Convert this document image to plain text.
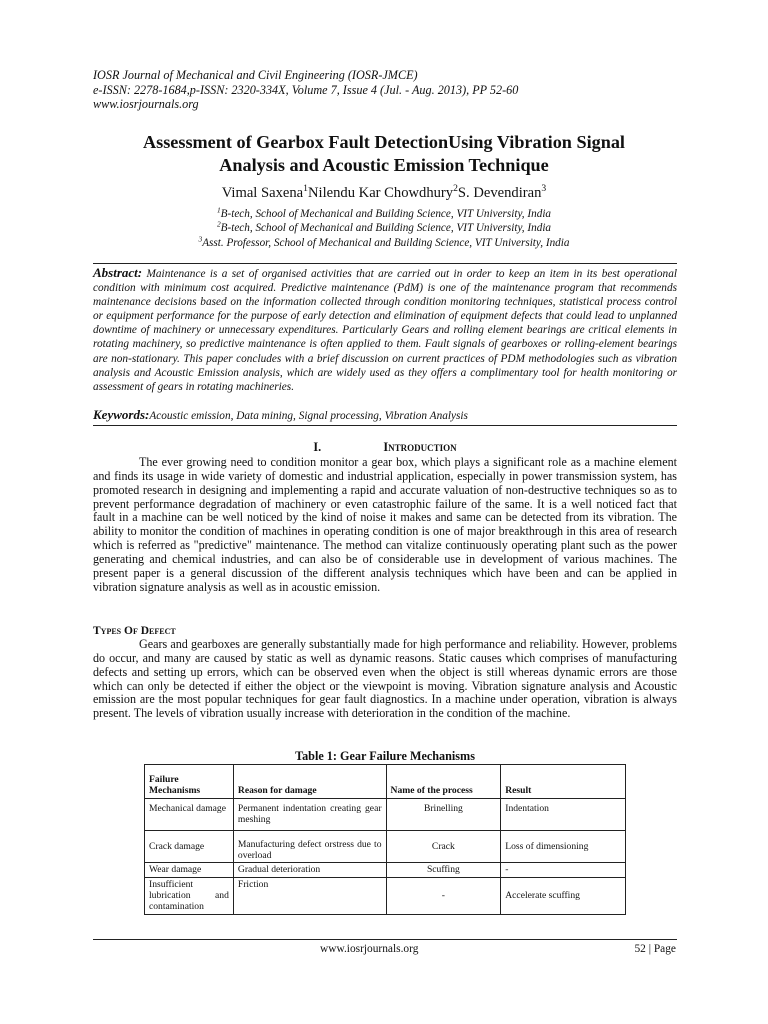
IOSR Journal of Mechanical and Civil Engineering (IOSR-JMCE)
e-ISSN: 2278-1684,p-ISSN: 2320-334X, Volume 7, Issue 4 (Jul. - Aug. 2013), PP 52-60
www.iosrjournals.org
Assessment of Gearbox Fault DetectionUsing Vibration Signal
Analysis and Acoustic Emission Technique
Vimal Saxena$^1$Nilendu Kar Chowdhury$^2$S. Devendiran$^3$
$^1$B-tech, School of Mechanical and Building Science, VIT University, India
$^2$B-tech, School of Mechanical and Building Science, VIT University, India
$^3$Asst. Professor, School of Mechanical and Building Science, VIT University, India
Abstract: Maintenance is a set of organised activities that are carried out in order to keep an item in its best operational condition with minimum cost acquired. Predictive maintenance (PdM) is one of the maintenance program that recommends maintenance decisions based on the information collected through condition monitoring techniques, statistical process control or equipment performance for the purpose of early detection and elimination of equipment defects that could lead to unplanned downtime of machinery or unnecessary expenditures. Particularly Gears and rolling element bearings are critical elements in rotating machinery, so predictive maintenance is often applied to them. Fault signals of gearboxes or rolling-element bearings are non-stationary. This paper concludes with a brief discussion on current practices of PDM methodologies such as vibration analysis and Acoustic Emission analysis, which are widely used as they offers a complimentary tool for health monitoring or assessment of gears in rotating machineries.
Keywords:Acoustic emission, Data mining, Signal processing, Vibration Analysis
I.	Introduction
The ever growing need to condition monitor a gear box, which plays a significant role as a machine element and finds its usage in wide variety of domestic and industrial application, especially in power transmission system, has promoted research in designing and implementing a rapid and accurate valuation of non-destructive techniques so as to prevent performance degradation of machinery or even catastrophic failure of the same. It is a well noticed fact that fault in a machine can be well noticed by the kind of noise it makes and same can be detected from its vibration. The ability to monitor the condition of machines in operating condition is one of major breakthrough in this area of research which is referred as "predictive" maintenance. The method can vitalize continuously operating plant such as the power generating and chemical industries, and can also be of considerable use in development of various machines. The present paper is a general discussion of the different analysis techniques which have been and can be applied in vibration signature analysis as well as in acoustic emission.
Types Of Defect
Gears and gearboxes are generally substantially made for high performance and reliability. However, problems do occur, and many are caused by static as well as dynamic reasons. Static causes which comprises of manufacturing defects and setting up errors, which can be observed even when the object is still whereas dynamic errors are those which can only be detected if either the object or the viewpoint is moving. Vibration signature analysis and Acoustic emission are the most popular techniques for gear fault diagnostics. In a machine under operation, vibration is always present. The levels of vibration usually increase with deterioration in the condition of the machine.
Table 1: Gear Failure Mechanisms
Failure Mechanisms	Reason for damage	Name of the process	Result
Mechanical damage	Permanent indentation creating gear meshing	Brinelling	Indentation
Crack damage	Manufacturing defect orstress due to overload	Crack	Loss of dimensioning
Wear damage	Gradual deterioration	Scuffing	-
Insufficient lubrication and contamination	Friction	-	Accelerate scuffing
www.iosrjournals.org	52 | Page
